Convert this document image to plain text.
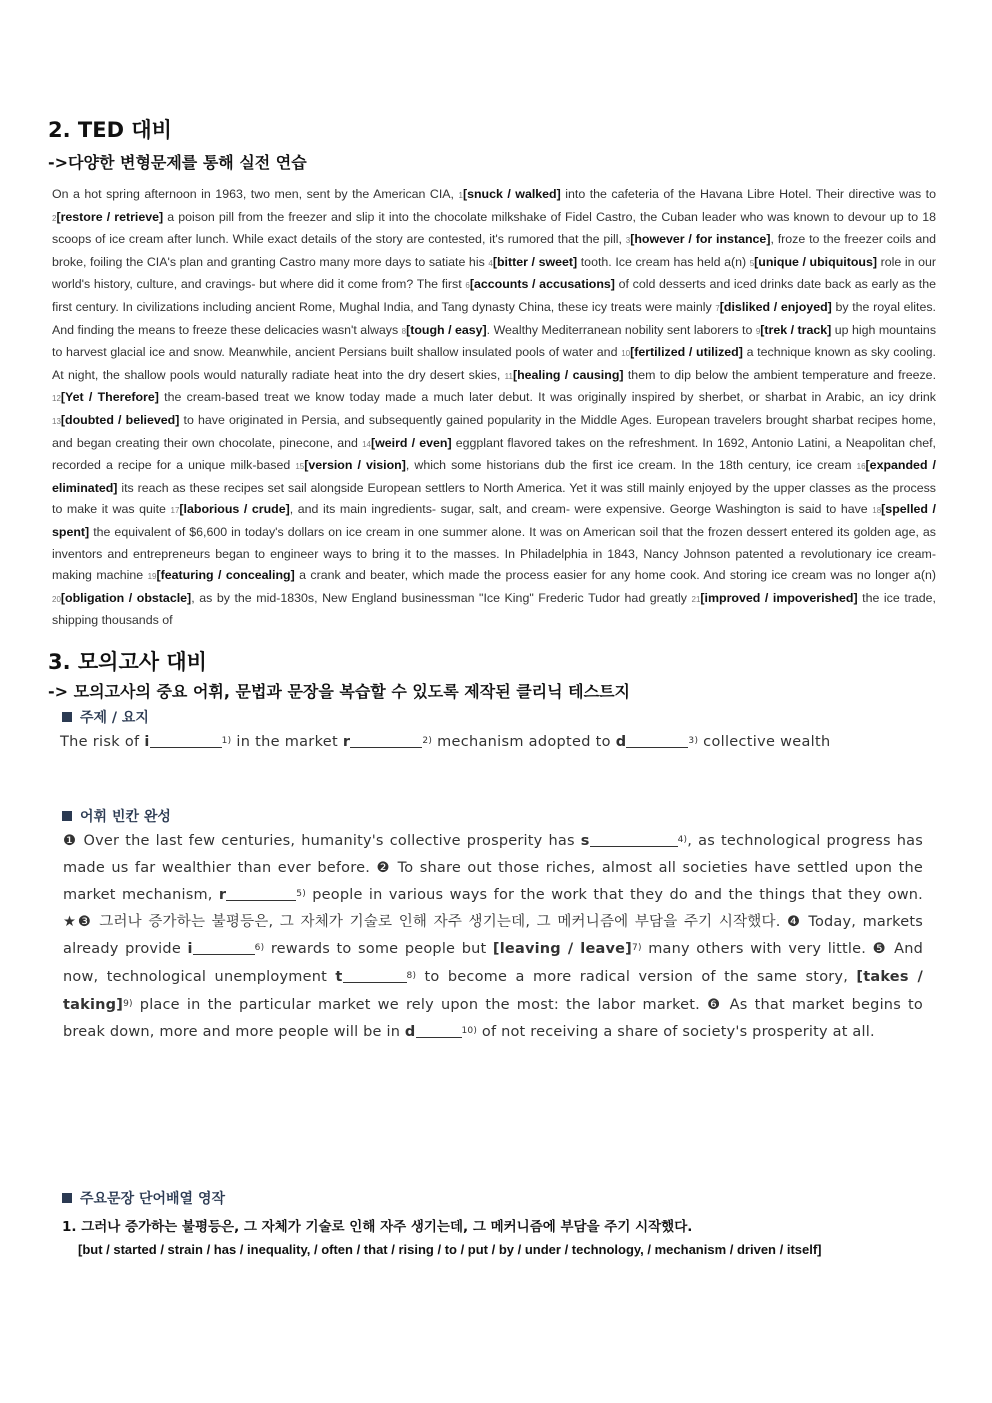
2. TED 대비
->다양한 변형문제를 통해 실전 연습

On a hot spring afternoon in 1963, two men, sent by the American CIA, 1[snuck / walked] into the cafeteria of the Havana Libre Hotel. Their directive was to 2[restore / retrieve] a poison pill from the freezer and slip it into the chocolate milkshake of Fidel Castro, the Cuban leader who was known to devour up to 18 scoops of ice cream after lunch. While exact details of the story are contested, it's rumored that the pill, 3[however / for instance], froze to the freezer coils and broke, foiling the CIA's plan and granting Castro many more days to satiate his 4[bitter / sweet] tooth. Ice cream has held a(n) 5[unique / ubiquitous] role in our world's history, culture, and cravings- but where did it come from? The first 6[accounts / accusations] of cold desserts and iced drinks date back as early as the first century. In civilizations including ancient Rome, Mughal India, and Tang dynasty China, these icy treats were mainly 7[disliked / enjoyed] by the royal elites. And finding the means to freeze these delicacies wasn't always 8[tough / easy]. Wealthy Mediterranean nobility sent laborers to 9[trek / track] up high mountains to harvest glacial ice and snow. Meanwhile, ancient Persians built shallow insulated pools of water and 10[fertilized / utilized] a technique known as sky cooling. At night, the shallow pools would naturally radiate heat into the dry desert skies, 11[healing / causing] them to dip below the ambient temperature and freeze. 12[Yet / Therefore] the cream-based treat we know today made a much later debut. It was originally inspired by sherbet, or sharbat in Arabic, an icy drink 13[doubted / believed] to have originated in Persia, and subsequently gained popularity in the Middle Ages. European travelers brought sharbat recipes home, and began creating their own chocolate, pinecone, and 14[weird / even] eggplant flavored takes on the refreshment. In 1692, Antonio Latini, a Neapolitan chef, recorded a recipe for a unique milk-based 15[version / vision], which some historians dub the first ice cream. In the 18th century, ice cream 16[expanded / eliminated] its reach as these recipes set sail alongside European settlers to North America. Yet it was still mainly enjoyed by the upper classes as the process to make it was quite 17[laborious / crude], and its main ingredients- sugar, salt, and cream- were expensive. George Washington is said to have 18[spelled / spent] the equivalent of $6,600 in today's dollars on ice cream in one summer alone. It was on American soil that the frozen dessert entered its golden age, as inventors and entrepreneurs began to engineer ways to bring it to the masses. In Philadelphia in 1843, Nancy Johnson patented a revolutionary ice cream-making machine 19[featuring / concealing] a crank and beater, which made the process easier for any home cook. And storing ice cream was no longer a(n) 20[obligation / obstacle], as by the mid-1830s, New England businessman "Ice King" Frederic Tudor had greatly 21[improved / impoverished] the ice trade, shipping thousands of

3. 모의고사 대비
-> 모의고사의 중요 어휘, 문법과 문장을 복습할 수 있도록 제작된 클리닉 테스트지
주제 / 요지
The risk of i	$^{1)}$ in the market r	$^{2)}$ mechanism adopted to d	$^{3)}$ collective wealth
어휘 빈칸 완성

❶ Over the last few centuries, humanity's collective prosperity has s	$^{4)}$, as technological progress has made us far wealthier than ever before. ❷ To share out those riches, almost all societies have settled upon the market mechanism, r	$^{5)}$ people in various ways for the work that they do and the things that they own. ★❸ 그러나 증가하는 불평등은, 그 자체가 기술로 인해 자주 생기는데, 그 메커니즘에 부담을 주기 시작했다. ❹ Today, markets already provide i	$^{6)}$ rewards to some people but [leaving / leave]$^{7)}$ many others with very little. ❺ And now, technological unemployment t	$^{8)}$ to become a more radical version of the same story, [takes / taking]$^{9)}$ place in the particular market we rely upon the most: the labor market. ❻ As that market begins to break down, more and more people will be in d	$^{10)}$ of not receiving a share of society's prosperity at all.

주요문장 단어배열 영작
1. 그러나 증가하는 불평등은, 그 자체가 기술로 인해 자주 생기는데, 그 메커니즘에 부담을 주기 시작했다.

[but / started / strain / has / inequality, / often / that / rising / to / put / by / under / technology, / mechanism / driven / itself]
